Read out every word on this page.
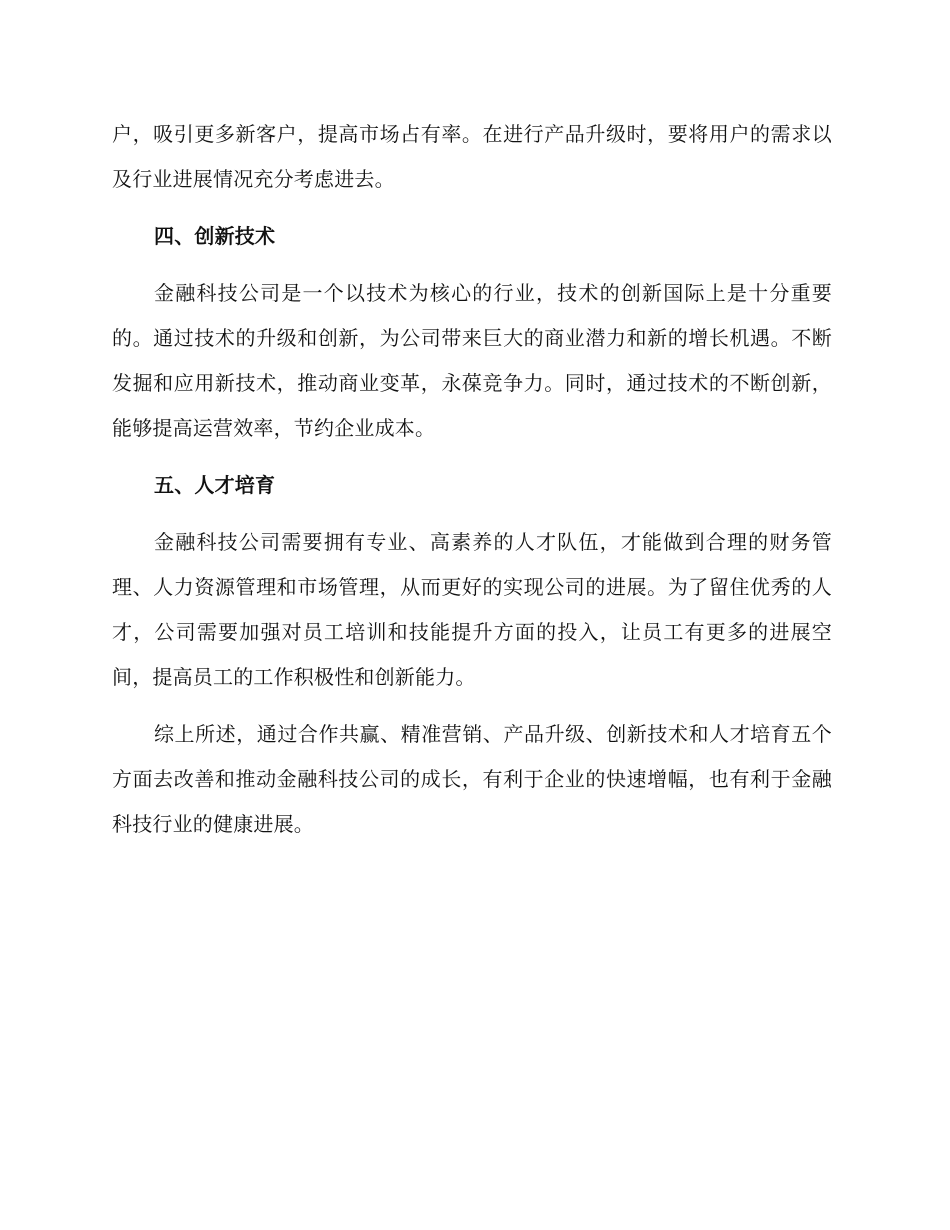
户，吸引更多新客户，提高市场占有率。在进行产品升级时，要将用户的需求以及行业进展情况充分考虑进去。

四、创新技术

金融科技公司是一个以技术为核心的行业，技术的创新国际上是十分重要的。通过技术的升级和创新，为公司带来巨大的商业潜力和新的增长机遇。不断发掘和应用新技术，推动商业变革，永葆竞争力。同时，通过技术的不断创新，能够提高运营效率，节约企业成本。

五、人才培育

金融科技公司需要拥有专业、高素养的人才队伍，才能做到合理的财务管理、人力资源管理和市场管理，从而更好的实现公司的进展。为了留住优秀的人才，公司需要加强对员工培训和技能提升方面的投入，让员工有更多的进展空间，提高员工的工作积极性和创新能力。

综上所述，通过合作共赢、精准营销、产品升级、创新技术和人才培育五个方面去改善和推动金融科技公司的成长，有利于企业的快速增幅，也有利于金融科技行业的健康进展。
